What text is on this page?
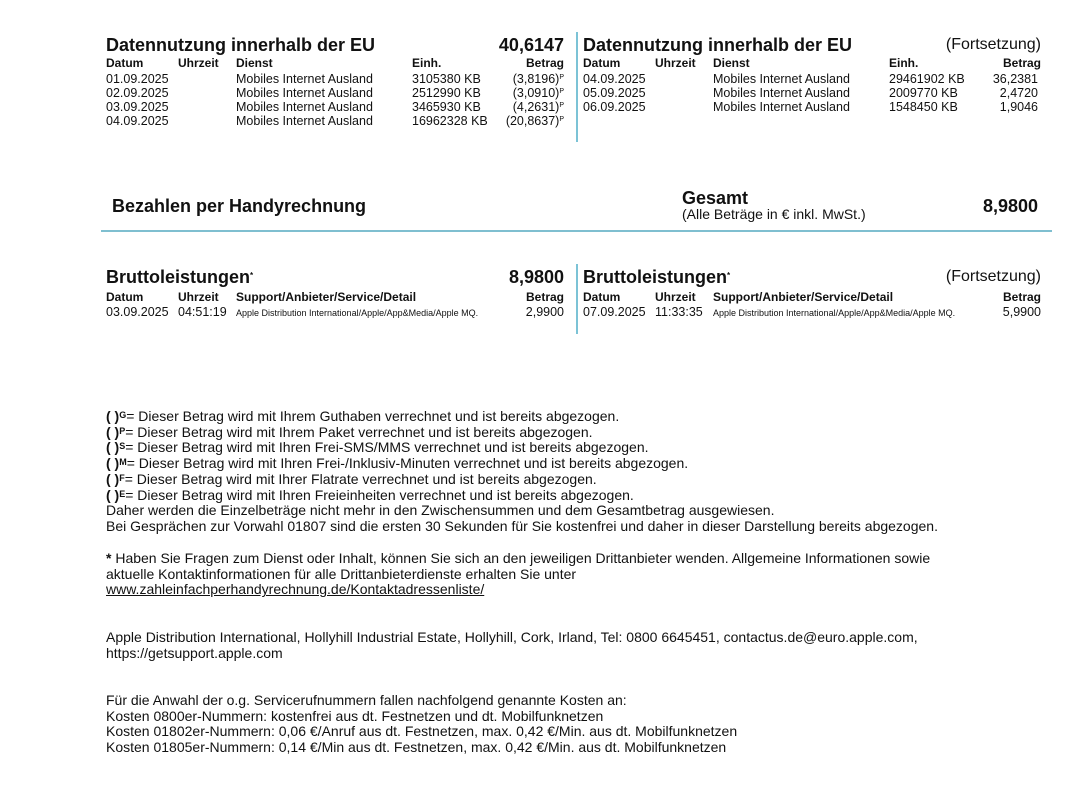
Datennutzung innerhalb der EU	40,6147
Datum	Uhrzeit Dienst	Einh.	Betrag
01.09.2025	Mobiles Internet Ausland	3105380 KB	$(3,8196)^P$
02.09.2025	Mobiles Internet Ausland	2512990 KB	$(3,0910)^P$
03.09.2025	Mobiles Internet Ausland	3465930 KB	$(4,2631)^P$
04.09.2025	Mobiles Internet Ausland	16962328 KB	$(20,8637)^P$
Datennutzung innerhalb der EU	(Fortsetzung)
Datum	Uhrzeit Dienst	Einh.	Betrag
04.09.2025	Mobiles Internet Ausland	29461902 KB	36,2381
05.09.2025	Mobiles Internet Ausland	2009770 KB	2,4720
06.09.2025	Mobiles Internet Ausland	1548450 KB	1,9046
Bezahlen per Handyrechnung	Gesamt
(Alle Beträge in € inkl. MwSt.)	8,9800
Bruttoleistungen*	8,9800
Datum	Uhrzeit Support/Anbieter/Service/Detail	Betrag
03.09.2025 04:51:19 Apple Distribution International/Apple/App&Media/Apple MQ.	2,9900
Bruttoleistungen*	(Fortsetzung)
Datum	Uhrzeit Support/Anbieter/Service/Detail	Betrag
07.09.2025 11:33:35 Apple Distribution International/Apple/App&Media/Apple MQ.	5,9900
( )$^G$= Dieser Betrag wird mit Ihrem Guthaben verrechnet und ist bereits abgezogen.
( )$^P$= Dieser Betrag wird mit Ihrem Paket verrechnet und ist bereits abgezogen.
( )$^S$= Dieser Betrag wird mit Ihren Frei-SMS/MMS verrechnet und ist bereits abgezogen.
( )$^M$= Dieser Betrag wird mit Ihren Frei-/Inklusiv-Minuten verrechnet und ist bereits abgezogen.
( )$^F$= Dieser Betrag wird mit Ihrer Flatrate verrechnet und ist bereits abgezogen.
( )$^E$= Dieser Betrag wird mit Ihren Freieinheiten verrechnet und ist bereits abgezogen.
Daher werden die Einzelbeträge nicht mehr in den Zwischensummen und dem Gesamtbetrag ausgewiesen.
Bei Gesprächen zur Vorwahl 01807 sind die ersten 30 Sekunden für Sie kostenfrei und daher in dieser Darstellung bereits abgezogen.
* Haben Sie Fragen zum Dienst oder Inhalt, können Sie sich an den jeweiligen Drittanbieter wenden. Allgemeine Informationen sowie
aktuelle Kontaktinformationen für alle Drittanbieterdienste erhalten Sie unter
www.zahleinfachperhandyrechnung.de/Kontaktadressenliste/
Apple Distribution International, Hollyhill Industrial Estate, Hollyhill, Cork, Irland, Tel: 0800 6645451, contactus.de@euro.apple.com,
https://getsupport.apple.com
Für die Anwahl der o.g. Servicerufnummern fallen nachfolgend genannte Kosten an:
Kosten 0800er-Nummern: kostenfrei aus dt. Festnetzen und dt. Mobilfunknetzen
Kosten 01802er-Nummern: 0,06 €/Anruf aus dt. Festnetzen, max. 0,42 €/Min. aus dt. Mobilfunknetzen
Kosten 01805er-Nummern: 0,14 €/Min aus dt. Festnetzen, max. 0,42 €/Min. aus dt. Mobilfunknetzen
